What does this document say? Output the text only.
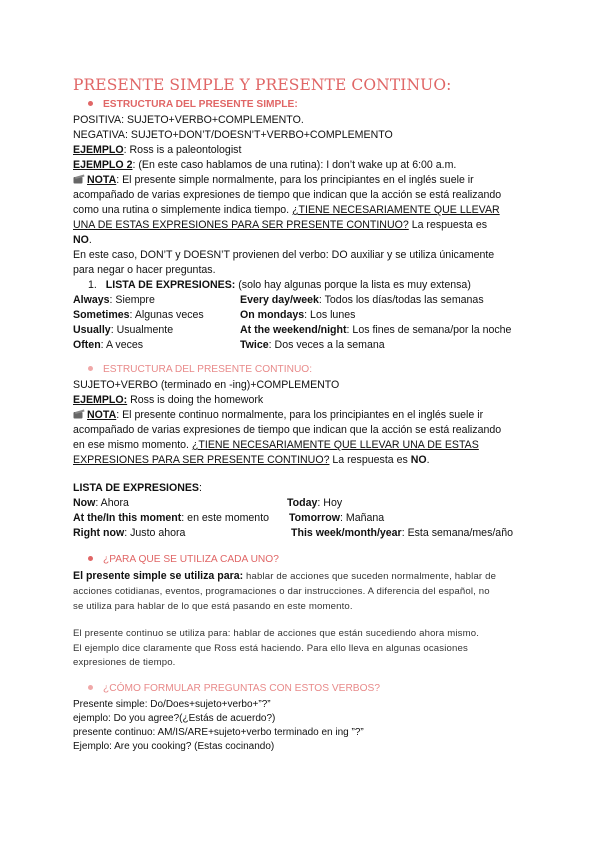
PRESENTE SIMPLE Y PRESENTE CONTINUO:
ESTRUCTURA DEL PRESENTE SIMPLE:
POSITIVA: SUJETO+VERBO+COMPLEMENTO.
NEGATIVA: SUJETO+DON’T/DOESN’T+VERBO+COMPLEMENTO
EJEMPLO: Ross is a paleontologist
EJEMPLO 2: (En este caso hablamos de una rutina): I don’t wake up at 6:00 a.m.
NOTA: El presente simple normalmente, para los principiantes en el inglés suele ir
acompañado de varias expresiones de tiempo que indican que la acción se está realizando
como una rutina o simplemente indica tiempo. ¿TIENE NECESARIAMENTE QUE LLEVAR
UNA DE ESTAS EXPRESIONES PARA SER PRESENTE CONTINUO? La respuesta es
NO.
En este caso, DON’T y DOESN’T provienen del verbo: DO auxiliar y se utiliza únicamente
para negar o hacer preguntas.
1. LISTA DE EXPRESIONES: (solo hay algunas porque la lista es muy extensa)
Always: Siempre	Every day/week: Todos los días/todas las semanas
Sometimes: Algunas veces	On mondays: Los lunes
Usually: Usualmente	At the weekend/night: Los fines de semana/por la noche
Often: A veces	Twice: Dos veces a la semana
ESTRUCTURA DEL PRESENTE CONTINUO:
SUJETO+VERBO (terminado en -ing)+COMPLEMENTO
EJEMPLO: Ross is doing the homework
NOTA: El presente continuo normalmente, para los principiantes en el inglés suele ir
acompañado de varias expresiones de tiempo que indican que la acción se está realizando
en ese mismo momento. ¿TIENE NECESARIAMENTE QUE LLEVAR UNA DE ESTAS
EXPRESIONES PARA SER PRESENTE CONTINUO? La respuesta es NO.
LISTA DE EXPRESIONES:
Now: Ahora	Today: Hoy
At the/In this moment: en este momento Tomorrow: Mañana
Right now: Justo ahora	This week/month/year: Esta semana/mes/año
¿PARA QUE SE UTILIZA CADA UNO?
El presente simple se utiliza para: hablar de acciones que suceden normalmente, hablar de
acciones cotidianas, eventos, programaciones o dar instrucciones. A diferencia del español, no
se utiliza para hablar de lo que está pasando en este momento.
El presente continuo se utiliza para: hablar de acciones que están sucediendo ahora mismo.
El ejemplo dice claramente que Ross está haciendo. Para ello lleva en algunas ocasiones
expresiones de tiempo.
¿CÓMO FORMULAR PREGUNTAS CON ESTOS VERBOS?
Presente simple: Do/Does+sujeto+verbo+”?”
ejemplo: Do you agree?(¿Estás de acuerdo?)
presente continuo: AM/IS/ARE+sujeto+verbo terminado en ing ”?”
Ejemplo: Are you cooking? (Estas cocinando)
